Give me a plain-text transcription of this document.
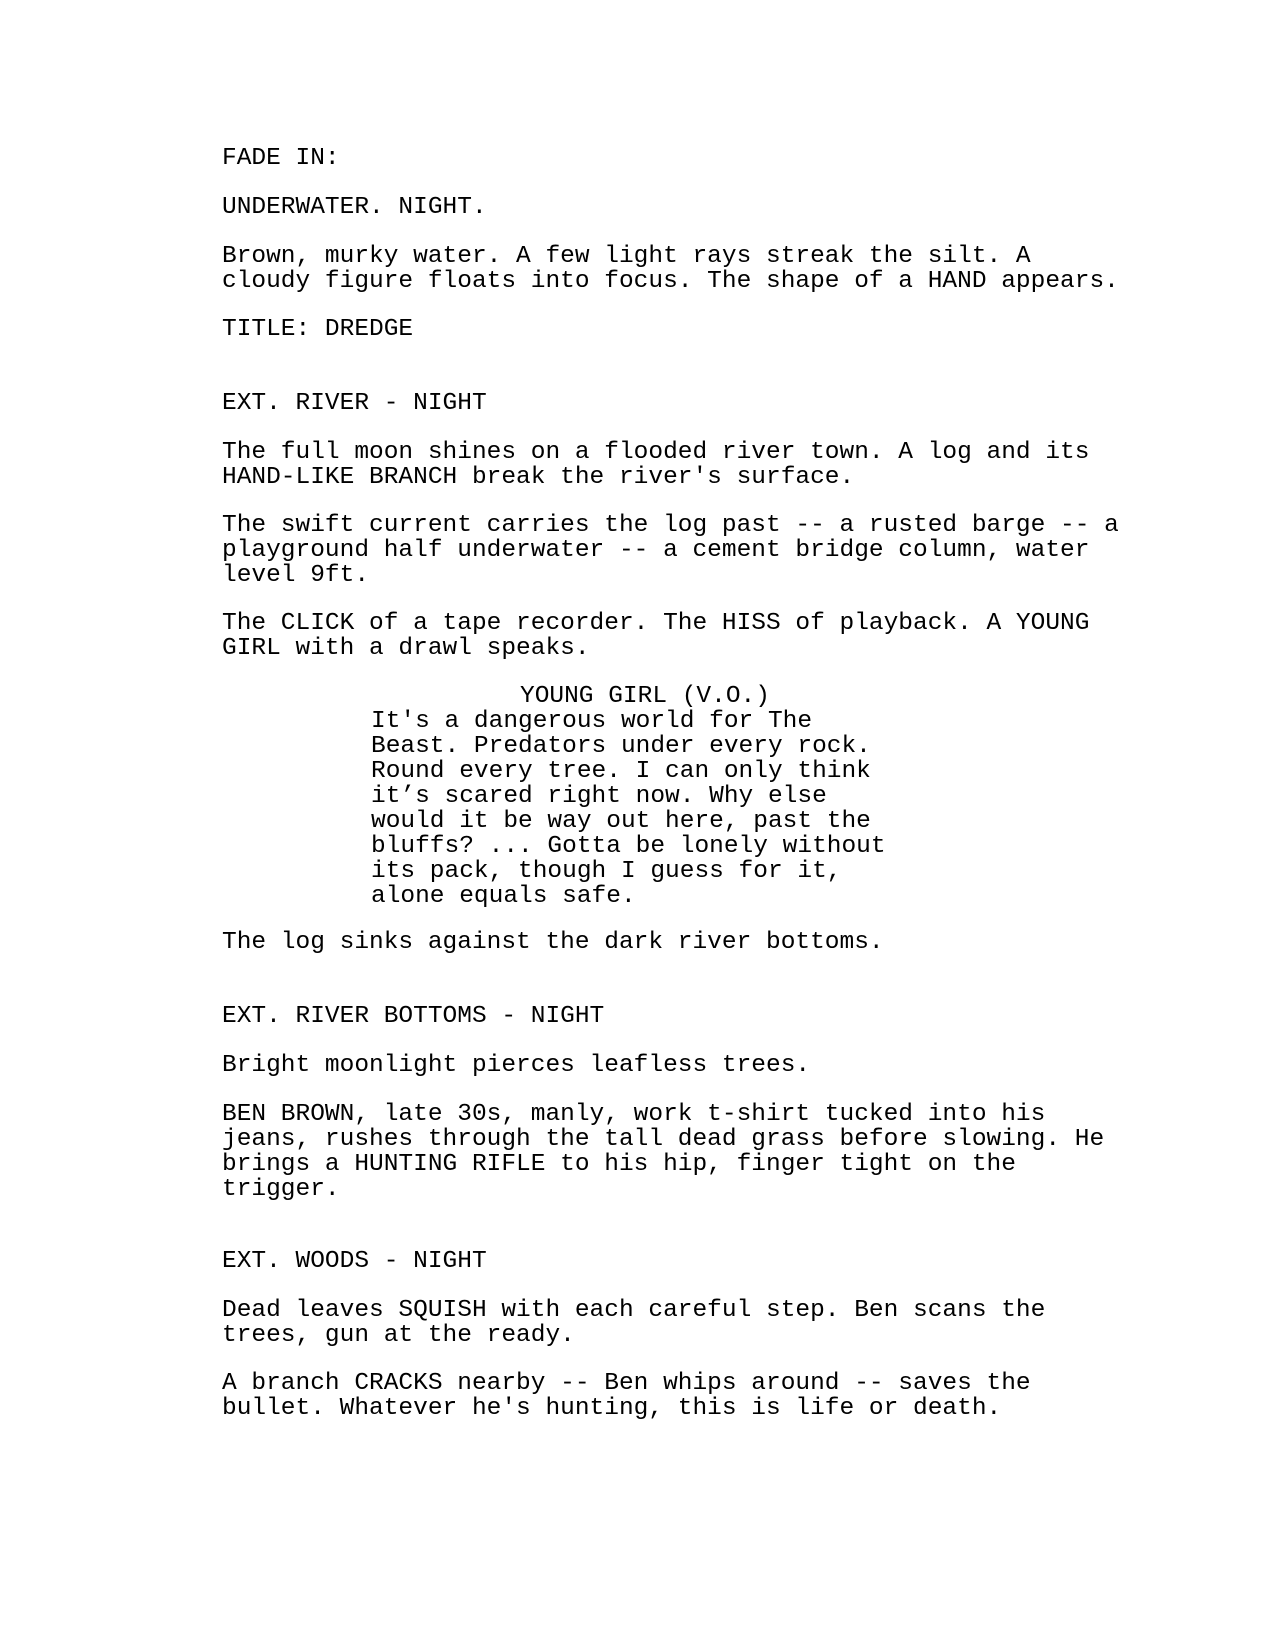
FADE IN:

UNDERWATER. NIGHT.

Brown, murky water. A few light rays streak the silt. A
cloudy figure floats into focus. The shape of a HAND appears.

TITLE: DREDGE

EXT. RIVER - NIGHT

The full moon shines on a flooded river town. A log and its
HAND-LIKE BRANCH break the river's surface.

The swift current carries the log past -- a rusted barge -- a
playground half underwater -- a cement bridge column, water
level 9ft.

The CLICK of a tape recorder. The HISS of playback. A YOUNG
GIRL with a drawl speaks.

YOUNG GIRL (V.O.)

It's a dangerous world for The
Beast. Predators under every rock.
Round every tree. I can only think
it’s scared right now. Why else
would it be way out here, past the
bluffs? ... Gotta be lonely without
its pack, though I guess for it,
alone equals safe.

The log sinks against the dark river bottoms.

EXT. RIVER BOTTOMS - NIGHT

Bright moonlight pierces leafless trees.

BEN BROWN, late 30s, manly, work t-shirt tucked into his
jeans, rushes through the tall dead grass before slowing. He
brings a HUNTING RIFLE to his hip, finger tight on the
trigger.

EXT. WOODS - NIGHT

Dead leaves SQUISH with each careful step. Ben scans the
trees, gun at the ready.

A branch CRACKS nearby -- Ben whips around -- saves the
bullet. Whatever he's hunting, this is life or death.
